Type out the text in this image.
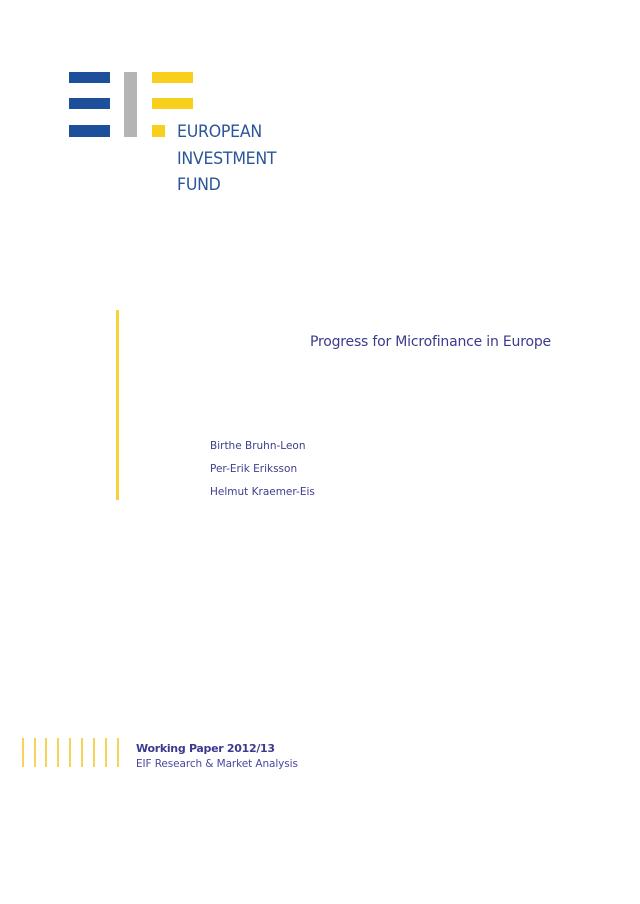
EUROPEAN
INVESTMENT
FUND
Progress for Microfinance in Europe
Birthe Bruhn-Leon
Per-Erik Eriksson
Helmut Kraemer-Eis
Working Paper 2012/13
EIF Research & Market Analysis
